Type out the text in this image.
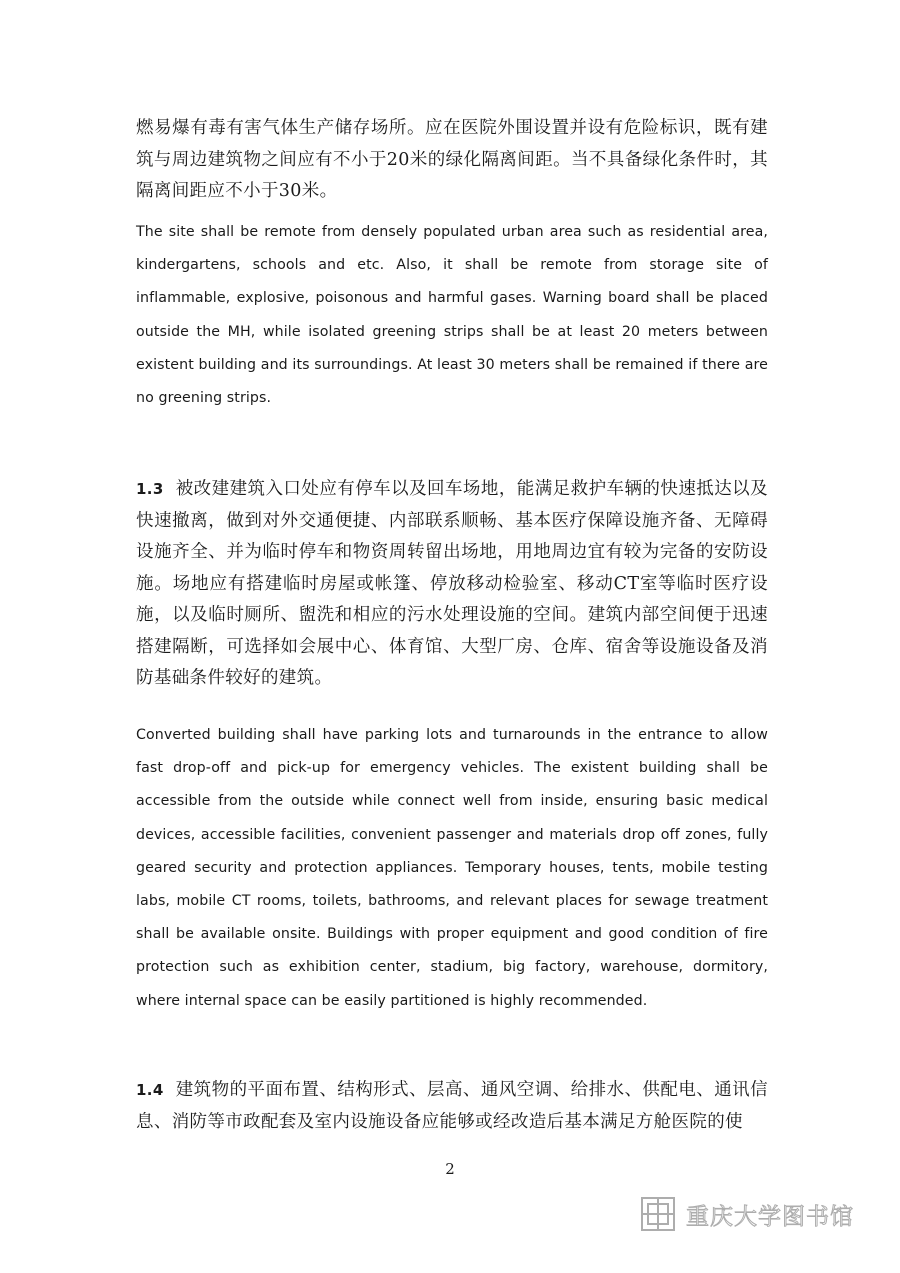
燃易爆有毒有害气体生产储存场所。应在医院外围设置并设有危险标识，既有建筑与周边建筑物之间应有不小于20米的绿化隔离间距。当不具备绿化条件时，其隔离间距应不小于30米。
The site shall be remote from densely populated urban area such as residential area, kindergartens, schools and etc. Also, it shall be remote from storage site of inflammable, explosive, poisonous and harmful gases. Warning board shall be placed outside the MH, while isolated greening strips shall be at least 20 meters between existent building and its surroundings. At least 30 meters shall be remained if there are no greening strips.
1.3 被改建建筑入口处应有停车以及回车场地，能满足救护车辆的快速抵达以及快速撤离，做到对外交通便捷、内部联系顺畅、基本医疗保障设施齐备、无障碍设施齐全、并为临时停车和物资周转留出场地，用地周边宜有较为完备的安防设施。场地应有搭建临时房屋或帐篷、停放移动检验室、移动CT室等临时医疗设施，以及临时厕所、盥洗和相应的污水处理设施的空间。建筑内部空间便于迅速搭建隔断，可选择如会展中心、体育馆、大型厂房、仓库、宿舍等设施设备及消防基础条件较好的建筑。
Converted building shall have parking lots and turnarounds in the entrance to allow fast drop-off and pick-up for emergency vehicles. The existent building shall be accessible from the outside while connect well from inside, ensuring basic medical devices, accessible facilities, convenient passenger and materials drop off zones, fully geared security and protection appliances. Temporary houses, tents, mobile testing labs, mobile CT rooms, toilets, bathrooms, and relevant places for sewage treatment shall be available onsite. Buildings with proper equipment and good condition of fire protection such as exhibition center, stadium, big factory, warehouse, dormitory, where internal space can be easily partitioned is highly recommended.
1.4 建筑物的平面布置、结构形式、层高、通风空调、给排水、供配电、通讯信息、消防等市政配套及室内设施设备应能够或经改造后基本满足方舱医院的使
2
重庆大学图书馆
